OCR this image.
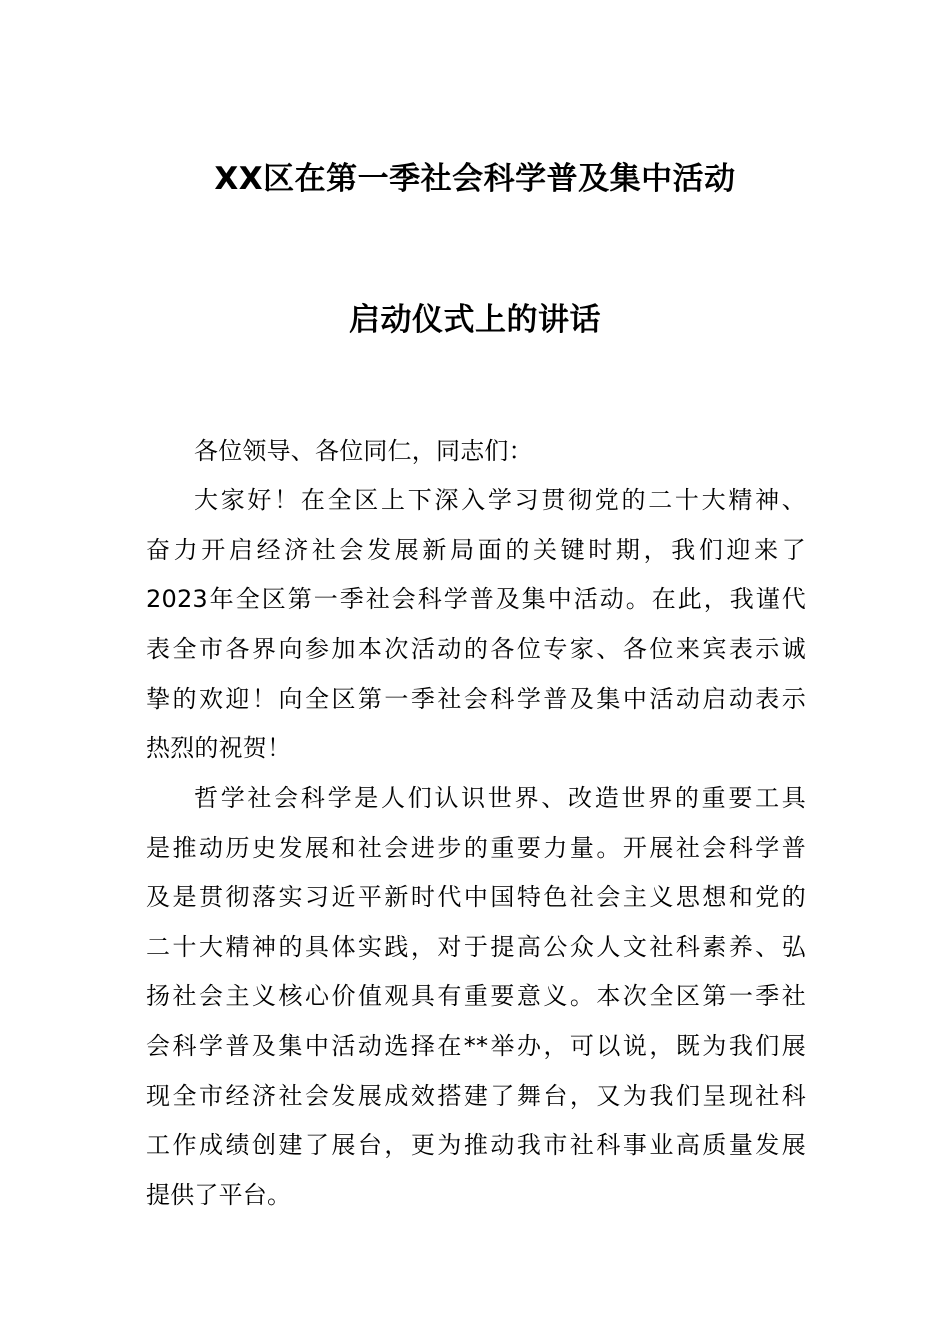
XX区在第一季社会科学普及集中活动
启动仪式上的讲话
各位领导、各位同仁，同志们：
大家好！在全区上下深入学习贯彻党的二十大精神、
奋力开启经济社会发展新局面的关键时期，我们迎来了
2023年全区第一季社会科学普及集中活动。在此，我谨代
表全市各界向参加本次活动的各位专家、各位来宾表示诚
挚的欢迎！向全区第一季社会科学普及集中活动启动表示
热烈的祝贺！
哲学社会科学是人们认识世界、改造世界的重要工具
是推动历史发展和社会进步的重要力量。开展社会科学普
及是贯彻落实习近平新时代中国特色社会主义思想和党的
二十大精神的具体实践，对于提高公众人文社科素养、弘
扬社会主义核心价值观具有重要意义。本次全区第一季社
会科学普及集中活动选择在**举办，可以说，既为我们展
现全市经济社会发展成效搭建了舞台，又为我们呈现社科
工作成绩创建了展台，更为推动我市社科事业高质量发展
提供了平台。
